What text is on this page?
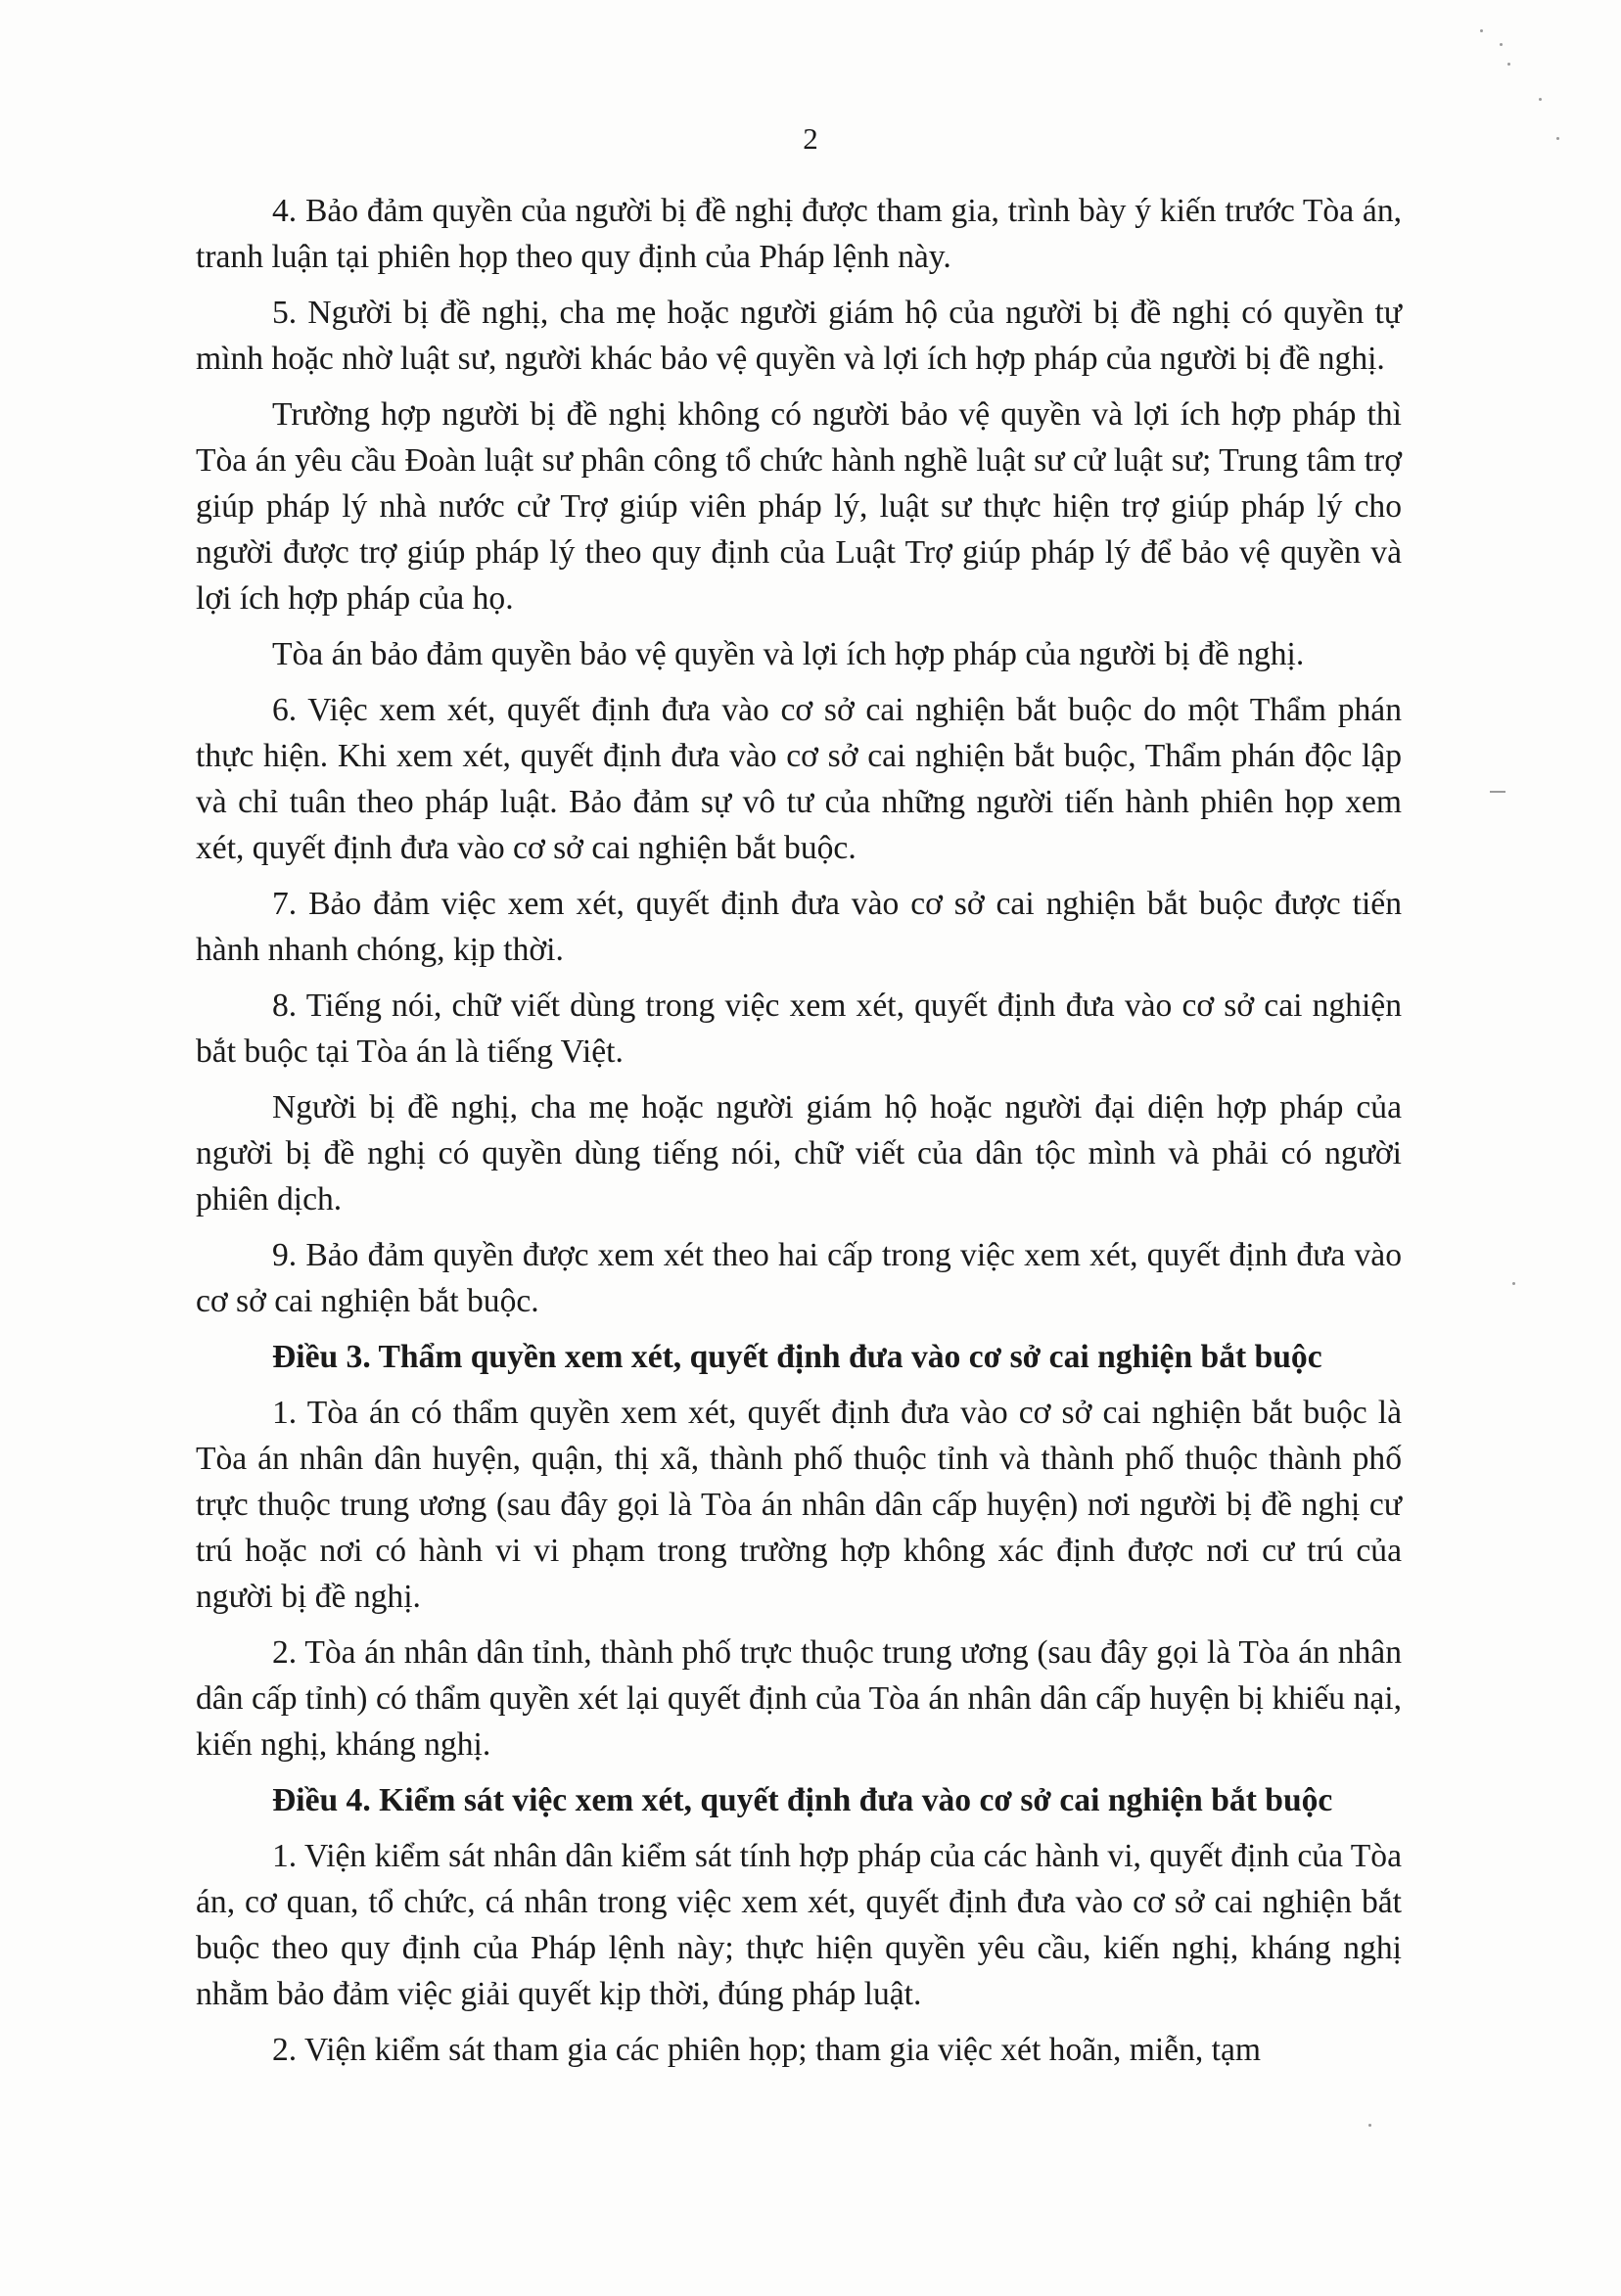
2

4. Bảo đảm quyền của người bị đề nghị được tham gia, trình bày ý kiến trước Tòa án, tranh luận tại phiên họp theo quy định của Pháp lệnh này.

5. Người bị đề nghị, cha mẹ hoặc người giám hộ của người bị đề nghị có quyền tự mình hoặc nhờ luật sư, người khác bảo vệ quyền và lợi ích hợp pháp của người bị đề nghị.

Trường hợp người bị đề nghị không có người bảo vệ quyền và lợi ích hợp pháp thì Tòa án yêu cầu Đoàn luật sư phân công tổ chức hành nghề luật sư cử luật sư; Trung tâm trợ giúp pháp lý nhà nước cử Trợ giúp viên pháp lý, luật sư thực hiện trợ giúp pháp lý cho người được trợ giúp pháp lý theo quy định của Luật Trợ giúp pháp lý để bảo vệ quyền và lợi ích hợp pháp của họ.

Tòa án bảo đảm quyền bảo vệ quyền và lợi ích hợp pháp của người bị đề nghị.

6. Việc xem xét, quyết định đưa vào cơ sở cai nghiện bắt buộc do một Thẩm phán thực hiện. Khi xem xét, quyết định đưa vào cơ sở cai nghiện bắt buộc, Thẩm phán độc lập và chỉ tuân theo pháp luật. Bảo đảm sự vô tư của những người tiến hành phiên họp xem xét, quyết định đưa vào cơ sở cai nghiện bắt buộc.

7. Bảo đảm việc xem xét, quyết định đưa vào cơ sở cai nghiện bắt buộc được tiến hành nhanh chóng, kịp thời.

8. Tiếng nói, chữ viết dùng trong việc xem xét, quyết định đưa vào cơ sở cai nghiện bắt buộc tại Tòa án là tiếng Việt.

Người bị đề nghị, cha mẹ hoặc người giám hộ hoặc người đại diện hợp pháp của người bị đề nghị có quyền dùng tiếng nói, chữ viết của dân tộc mình và phải có người phiên dịch.

9. Bảo đảm quyền được xem xét theo hai cấp trong việc xem xét, quyết định đưa vào cơ sở cai nghiện bắt buộc.

Điều 3. Thẩm quyền xem xét, quyết định đưa vào cơ sở cai nghiện bắt buộc

1. Tòa án có thẩm quyền xem xét, quyết định đưa vào cơ sở cai nghiện bắt buộc là Tòa án nhân dân huyện, quận, thị xã, thành phố thuộc tỉnh và thành phố thuộc thành phố trực thuộc trung ương (sau đây gọi là Tòa án nhân dân cấp huyện) nơi người bị đề nghị cư trú hoặc nơi có hành vi vi phạm trong trường hợp không xác định được nơi cư trú của người bị đề nghị.

2. Tòa án nhân dân tỉnh, thành phố trực thuộc trung ương (sau đây gọi là Tòa án nhân dân cấp tỉnh) có thẩm quyền xét lại quyết định của Tòa án nhân dân cấp huyện bị khiếu nại, kiến nghị, kháng nghị.

Điều 4. Kiểm sát việc xem xét, quyết định đưa vào cơ sở cai nghiện bắt buộc

1. Viện kiểm sát nhân dân kiểm sát tính hợp pháp của các hành vi, quyết định của Tòa án, cơ quan, tổ chức, cá nhân trong việc xem xét, quyết định đưa vào cơ sở cai nghiện bắt buộc theo quy định của Pháp lệnh này; thực hiện quyền yêu cầu, kiến nghị, kháng nghị nhằm bảo đảm việc giải quyết kịp thời, đúng pháp luật.

2. Viện kiểm sát tham gia các phiên họp; tham gia việc xét hoãn, miễn, tạm
